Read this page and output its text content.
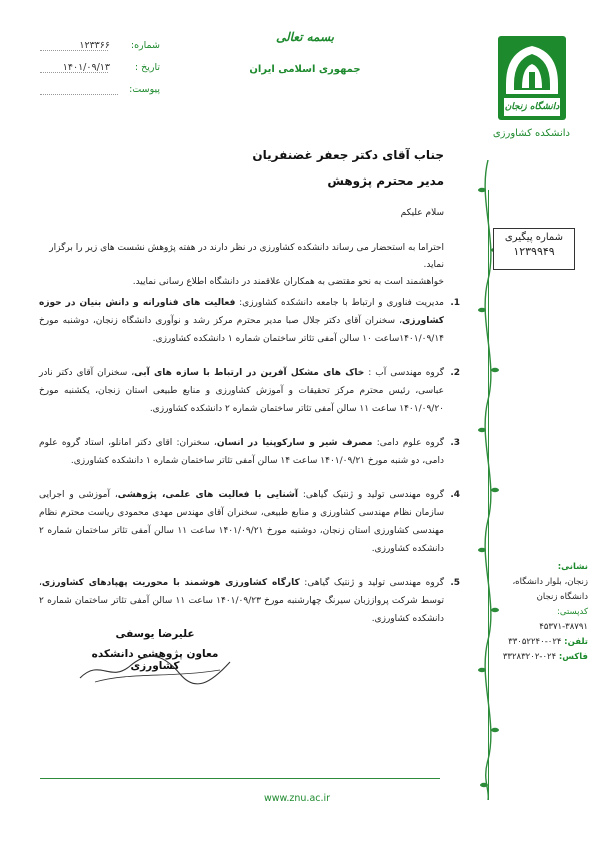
شماره:
۱۲۳۳۶۶
تاریخ :
۱۴۰۱/۰۹/۱۳
پیوست:
بسمه تعالی
جمهوری اسلامی ایران
دانشگاه زنجان
دانشکده کشاورزی
جناب آقای دکتر جعفر غضنفریان
مدیر محترم پژوهش
سلام علیکم
احتراما به استحضار می رساند دانشکده کشاورزی در نظر دارند در هفته پژوهش نشست های زیر را برگزار نماید.
خواهشمند است به نحو مقتضی به همکاران علاقمند در دانشگاه اطلاع رسانی نمایید.
شماره پیگیری
۱۲۳۹۹۴۹
1.
مدیریت فناوری و ارتباط با جامعه دانشکده کشاورزی: فعالیت های فناورانه و دانش بنیان در حوزه کشاورزی، سخنران آقای دکتر جلال صبا مدیر محترم مرکز رشد و نوآوری دانشگاه زنجان، دوشنبه مورخ ۱۴۰۱/۰۹/۱۴ساعت ۱۰ سالن آمفی تئاتر ساختمان شماره ۱ دانشکده کشاورزی.
2.
گروه مهندسی آب : خاک های مشکل آفرین در ارتباط با سازه های آبی، سخنران آقای دکتر نادر عباسی، رئیس محترم مرکز تحقیقات و آموزش کشاورزی و منابع طبیعی استان زنجان، یکشنبه مورخ ۱۴۰۱/۰۹/۲۰ ساعت ۱۱ سالن آمفی تئاتر ساختمان شماره ۲ دانشکده کشاورزی.
3.
گروه علوم دامی: مصرف شیر و سارکوپنیا در انسان، سخنران: اقای دکتر امانلو، استاد گروه علوم دامی، دو شنبه مورخ ۱۴۰۱/۰۹/۲۱ ساعت ۱۴ سالن آمفی تئاتر ساختمان شماره ۱ دانشکده کشاورزی.
4.
گروه مهندسی تولید و ژنتیک گیاهی: آشنایی با فعالیت های علمی، پژوهشی، آموزشی و اجرایی سازمان نظام مهندسی کشاورزی و منابع طبیعی، سخنران آقای مهندس مهدی محمودی ریاست محترم نظام مهندسی کشاورزی استان زنجان، دوشنبه مورخ ۱۴۰۱/۰۹/۲۱ ساعت ۱۱ سالن آمفی تئاتر ساختمان شماره ۲ دانشکده کشاورزی.
5.
گروه مهندسی تولید و ژنتیک گیاهی: کارگاه کشاورزی هوشمند با محوریت پهپادهای کشاورزی، توسط شرکت پرواززبان سیرنگ چهارشنبه مورخ ۱۴۰۱/۰۹/۲۳ ساعت ۱۱ سالن آمفی تئاتر ساختمان شماره ۲ دانشکده کشاورزی.
علیرضا یوسفی
معاون پژوهشی دانشکده کشاورزی
نشانی:
زنجان، بلوار دانشگاه،
دانشگاه زنجان
کدپستی:
۴۵۳۷۱-۳۸۷۹۱
تلفن: ۰۲۴-۳۳۰۵۲۲۴۰
فاکس: ۰۲۴-۳۳۲۸۳۲۰۲
www.znu.ac.ir
